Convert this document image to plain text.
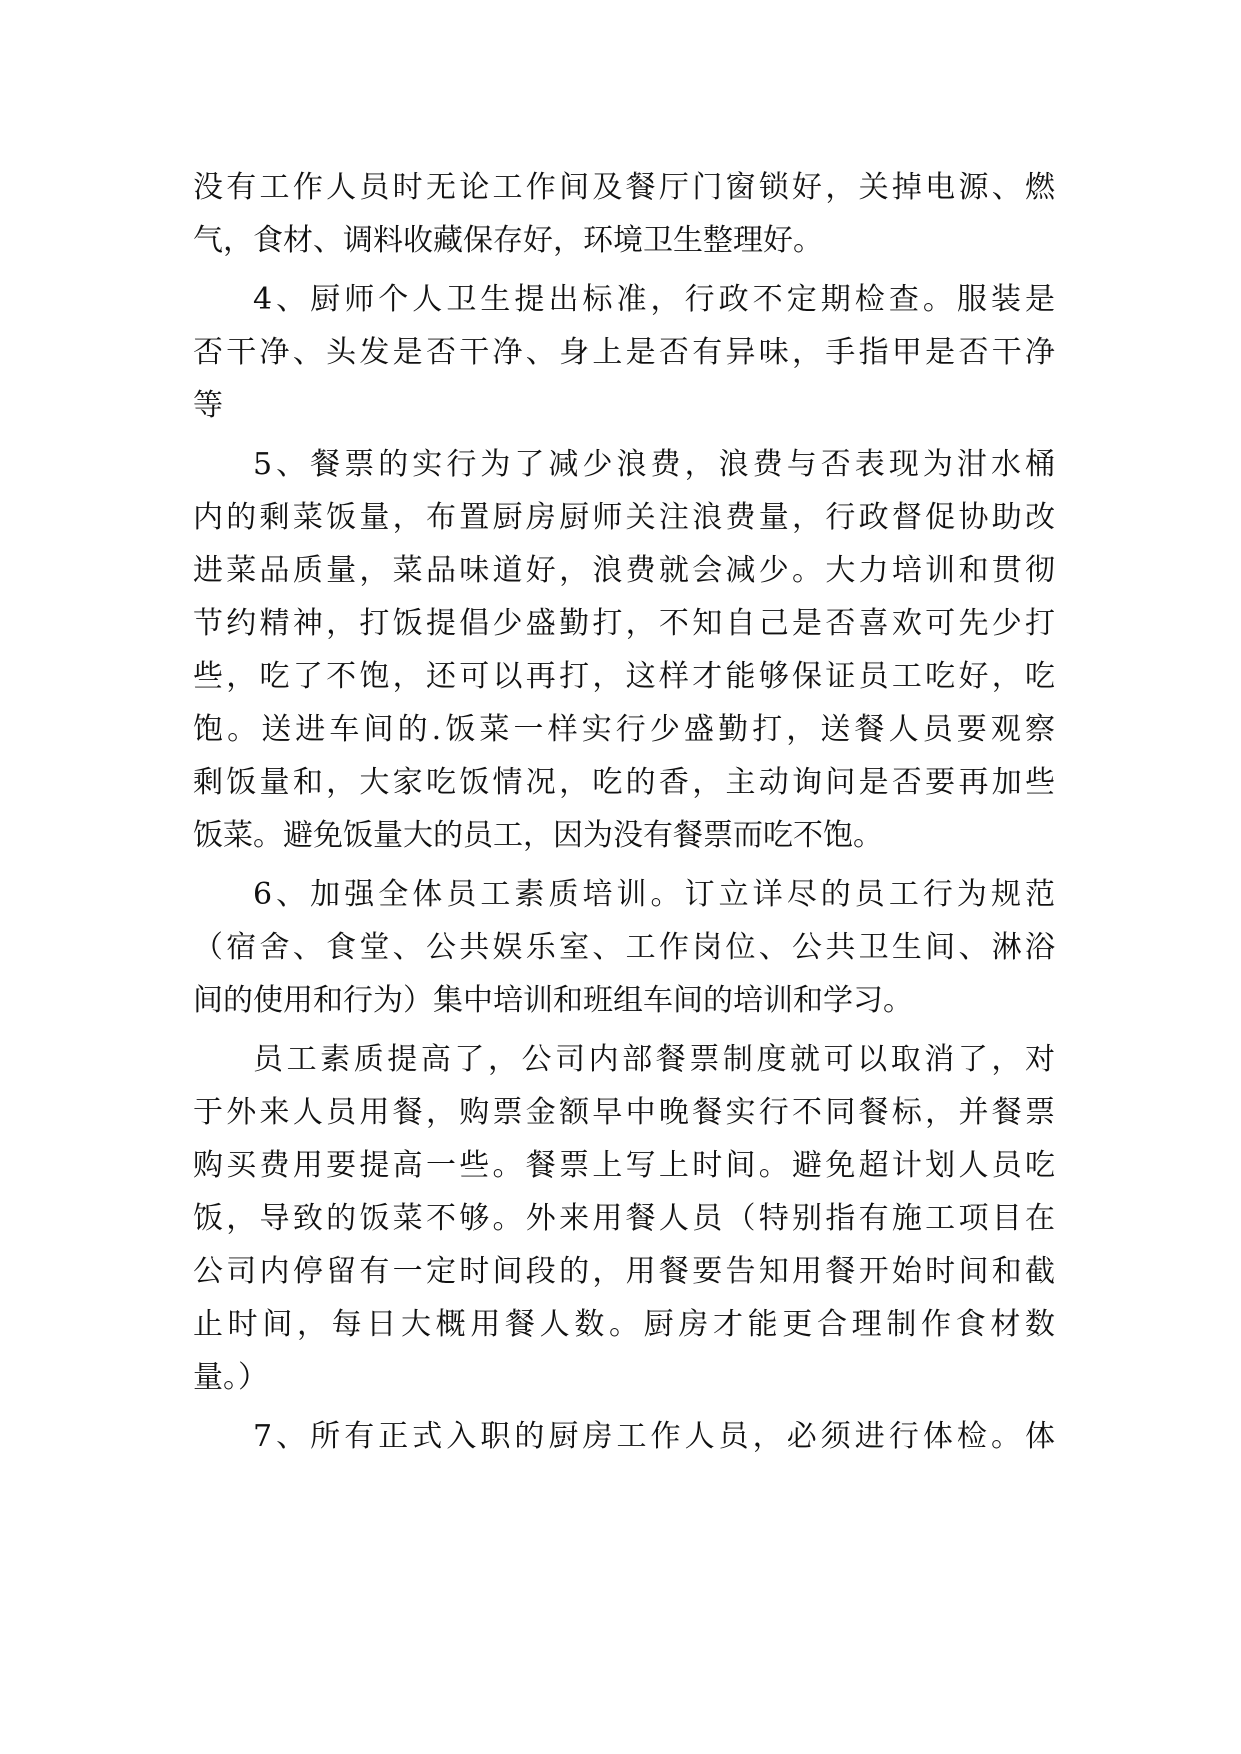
没有工作人员时无论工作间及餐厅门窗锁好，关掉电源、燃
气，食材、调料收藏保存好，环境卫生整理好。
4、厨师个人卫生提出标准，行政不定期检查。服装是
否干净、头发是否干净、身上是否有异味，手指甲是否干净
等
5、餐票的实行为了减少浪费，浪费与否表现为泔水桶
内的剩菜饭量，布置厨房厨师关注浪费量，行政督促协助改
进菜品质量，菜品味道好，浪费就会减少。大力培训和贯彻
节约精神，打饭提倡少盛勤打，不知自己是否喜欢可先少打
些，吃了不饱，还可以再打，这样才能够保证员工吃好，吃
饱。送进车间的.饭菜一样实行少盛勤打，送餐人员要观察
剩饭量和，大家吃饭情况，吃的香，主动询问是否要再加些
饭菜。避免饭量大的员工，因为没有餐票而吃不饱。
6、加强全体员工素质培训。订立详尽的员工行为规范
（宿舍、食堂、公共娱乐室、工作岗位、公共卫生间、淋浴
间的使用和行为）集中培训和班组车间的培训和学习。
员工素质提高了，公司内部餐票制度就可以取消了，对
于外来人员用餐，购票金额早中晚餐实行不同餐标，并餐票
购买费用要提高一些。餐票上写上时间。避免超计划人员吃
饭，导致的饭菜不够。外来用餐人员（特别指有施工项目在
公司内停留有一定时间段的，用餐要告知用餐开始时间和截
止时间，每日大概用餐人数。厨房才能更合理制作食材数
量。）
7、所有正式入职的厨房工作人员，必须进行体检。体
